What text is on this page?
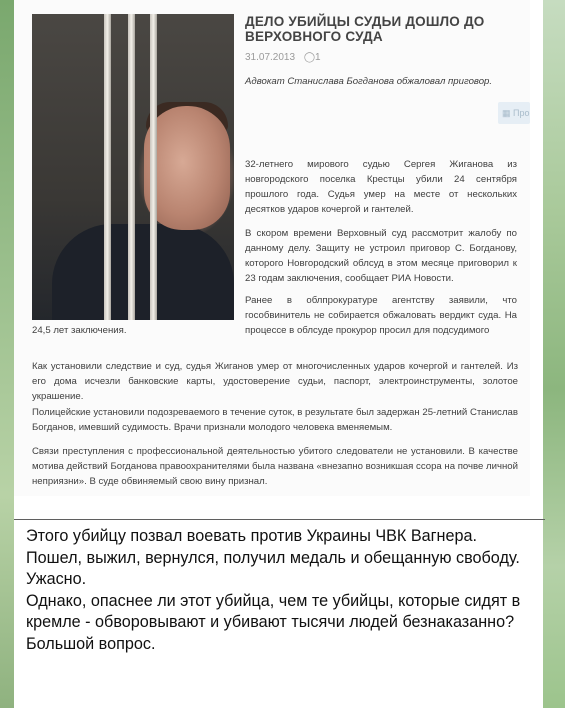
ДЕЛО УБИЙЦЫ СУДЬИ ДОШЛО ДО ВЕРХОВНОГО СУДА
31.07.2013 ◯1
Адвокат Станислава Богданова обжаловал приговор.
▦ Про
32-летнего мирового судью Сергея Жиганова из новгородского поселка Крестцы убили 24 сентября прошлого года. Судья умер на месте от нескольких десятков ударов кочергой и гантелей.
В скором времени Верховный суд рассмотрит жалобу по данному делу. Защиту не устроил приговор С. Богданову, которого Новгородский облсуд в этом месяце приговорил к 23 годам заключения, сообщает РИА Новости.
Ранее в облпрокуратуре агентству заявили, что гособвинитель не собирается обжаловать вердикт суда. На процессе в облсуде прокурор просил для подсудимого
24,5 лет заключения.
Как установили следствие и суд, судья Жиганов умер от многочисленных ударов кочергой и гантелей. Из его дома исчезли банковские карты, удостоверение судьи, паспорт, электроинструменты, золотое украшение.
Полицейские установили подозреваемого в течение суток, в результате был задержан 25-летний Станислав Богданов, имевший судимость. Врачи признали молодого человека вменяемым.
Связи преступления с профессиональной деятельностью убитого следователи не установили. В качестве мотива действий Богданова правоохранителями была названа «внезапно возникшая ссора на почве личной неприязни». В суде обвиняемый свою вину признал.
Этого убийцу позвал воевать против Украины ЧВК Вагнера.
Пошел, выжил, вернулся, получил медаль и обещанную свободу.
Ужасно.
Однако, опаснее ли этот убийца, чем те убийцы, которые сидят в кремле - обворовывают и убивают тысячи людей безнаказанно?
Большой вопрос.
